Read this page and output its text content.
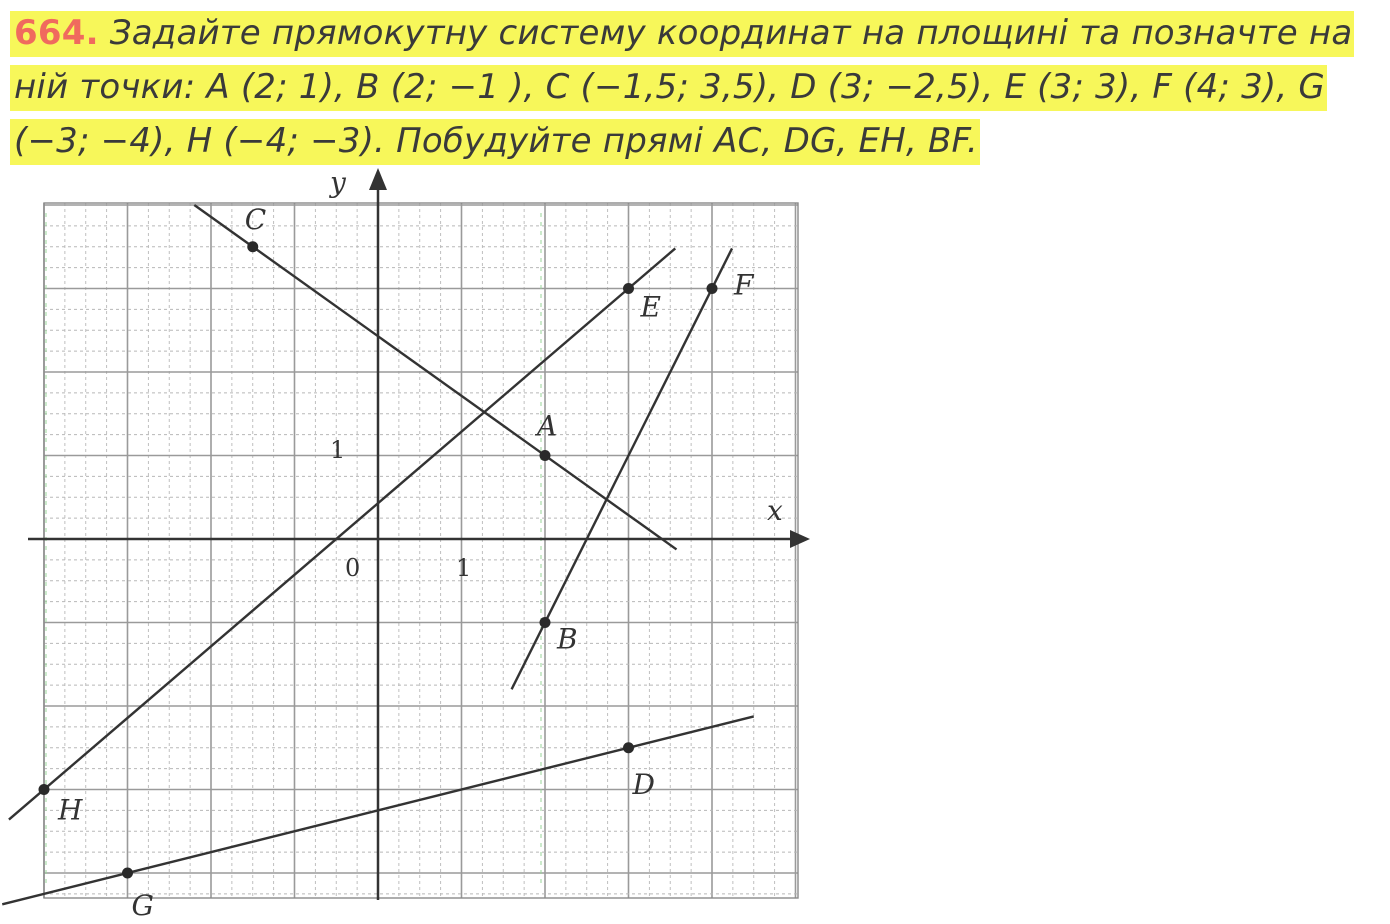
664. Задайте прямокутну систему координат на площині та позначте на ній точки: A (2; 1), B (2; −1 ), C (−1,5; 3,5), D (3; −2,5), E (3; 3), F (4; 3), G (−3; −4), H (−4; −3). Побудуйте прямі AC, DG, EH, BF.
x
y
0	1
1
A
B
C
D
E
F
G
H
